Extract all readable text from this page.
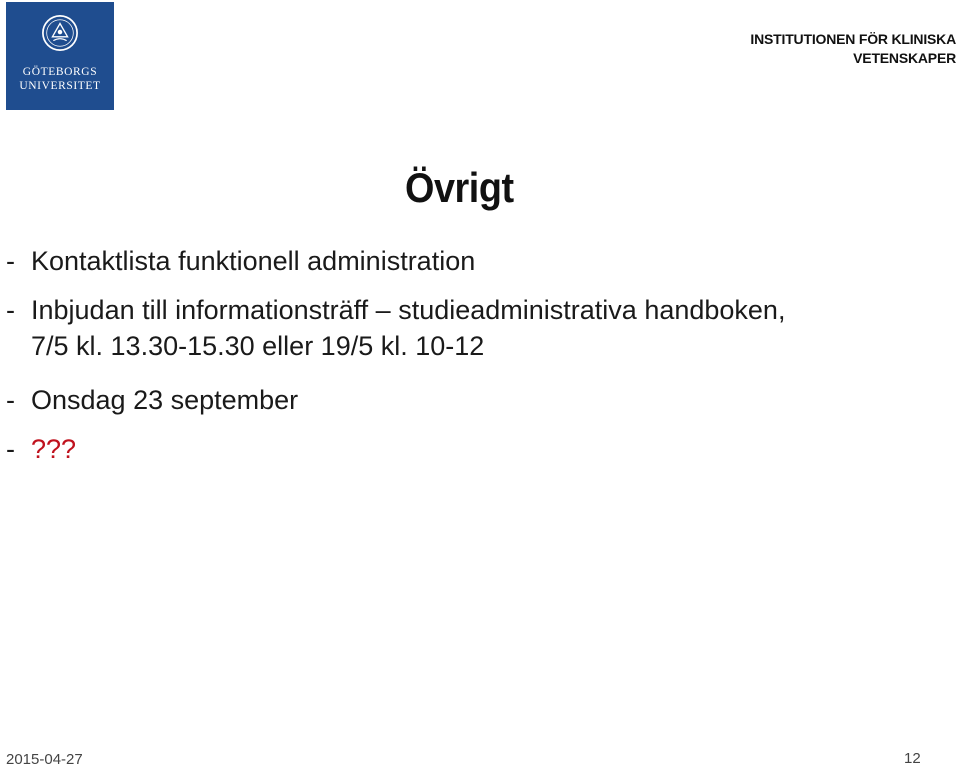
GÖTEBORGS
UNIVERSITET
INSTITUTIONEN FÖR KLINISKA
VETENSKAPER
Övrigt
- Kontaktlista funktionell administration
- Inbjudan till informationsträff – studieadministrativa handboken,
7/5 kl. 13.30-15.30 eller 19/5 kl. 10-12
- Onsdag 23 september
- ???
2015-04-27	12
